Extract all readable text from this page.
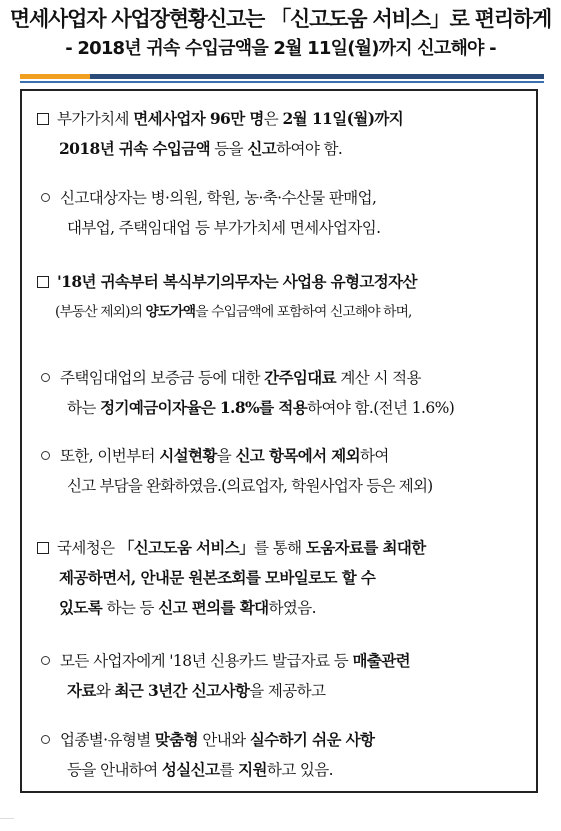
면세사업자 사업장현황신고는 「신고도움 서비스」로 편리하게
- 2018년 귀속 수입금액을 2월 11일(월)까지 신고해야 -
부가가치세 면세사업자 96만 명은 2월 11일(월)까지
2018년 귀속 수입금액 등을 신고하여야 함.
신고대상자는 병·의원, 학원, 농·축·수산물 판매업,
대부업, 주택임대업 등 부가가치세 면세사업자임.
'18년 귀속부터 복식부기의무자는 사업용 유형고정자산
(부동산 제외)의 양도가액을 수입금액에 포함하여 신고해야 하며,
주택임대업의 보증금 등에 대한 간주임대료 계산 시 적용
하는 정기예금이자율은 1.8%를 적용하여야 함.(전년 1.6%)
또한, 이번부터 시설현황을 신고 항목에서 제외하여
신고 부담을 완화하였음.(의료업자, 학원사업자 등은 제외)
국세청은 「신고도움 서비스」를 통해 도움자료를 최대한
제공하면서, 안내문 원본조회를 모바일로도 할 수
있도록 하는 등 신고 편의를 확대하였음.
모든 사업자에게 '18년 신용카드 발급자료 등 매출관련
자료와 최근 3년간 신고사항을 제공하고
업종별·유형별 맞춤형 안내와 실수하기 쉬운 사항
등을 안내하여 성실신고를 지원하고 있음.
